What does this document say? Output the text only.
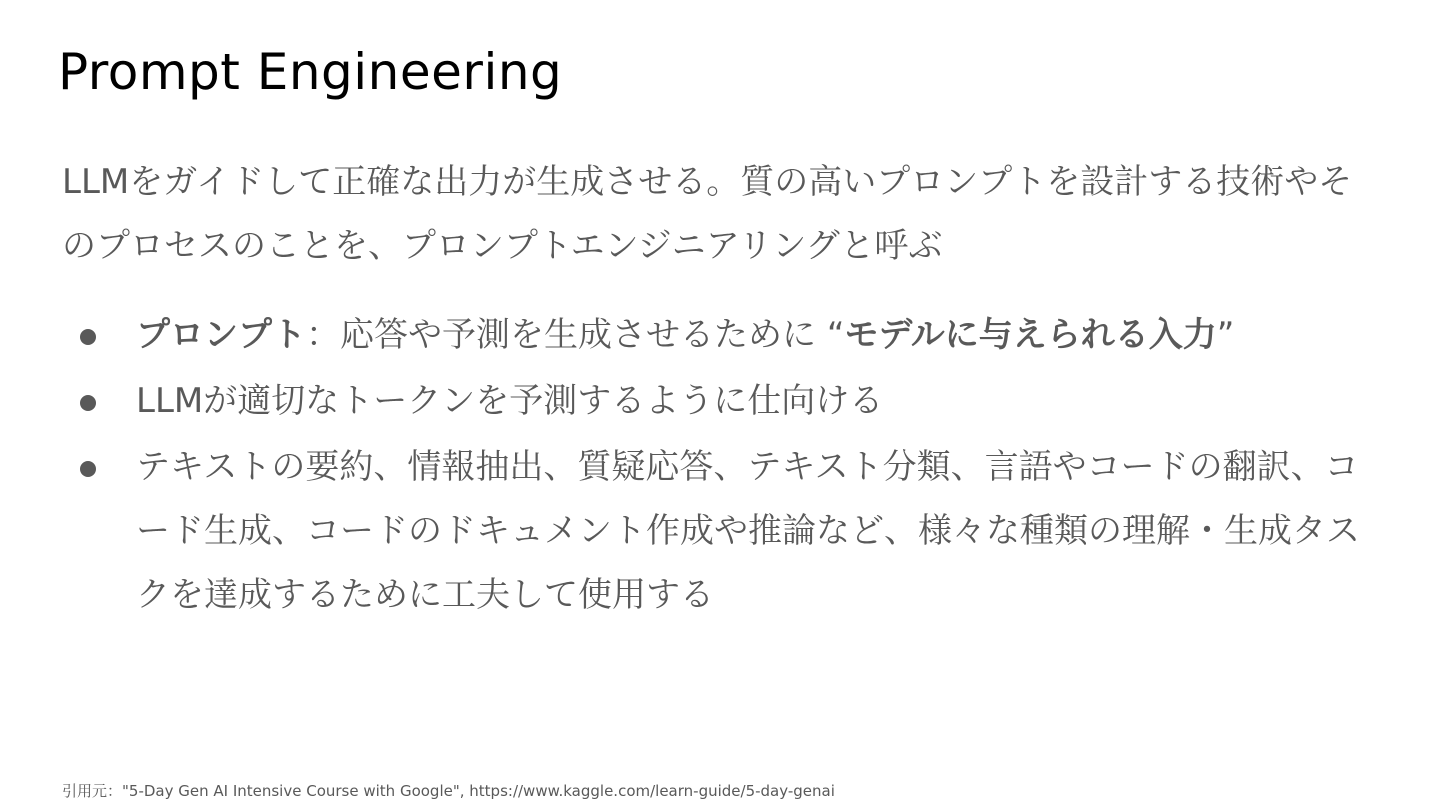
Prompt Engineering

LLMをガイドして正確な出力が生成させる。質の高いプロンプトを設計する技術やそのプロセスのことを、プロンプトエンジニアリングと呼ぶ

プロンプト：応答や予測を生成させるために “モデルに与えられる入力”
LLMが適切なトークンを予測するように仕向ける
テキストの要約、情報抽出、質疑応答、テキスト分類、言語やコードの翻訳、コード生成、コードのドキュメント作成や推論など、様々な種類の理解・生成タスクを達成するために工夫して使用する

引用元："5-Day Gen AI Intensive Course with Google", https://www.kaggle.com/learn-guide/5-day-genai
